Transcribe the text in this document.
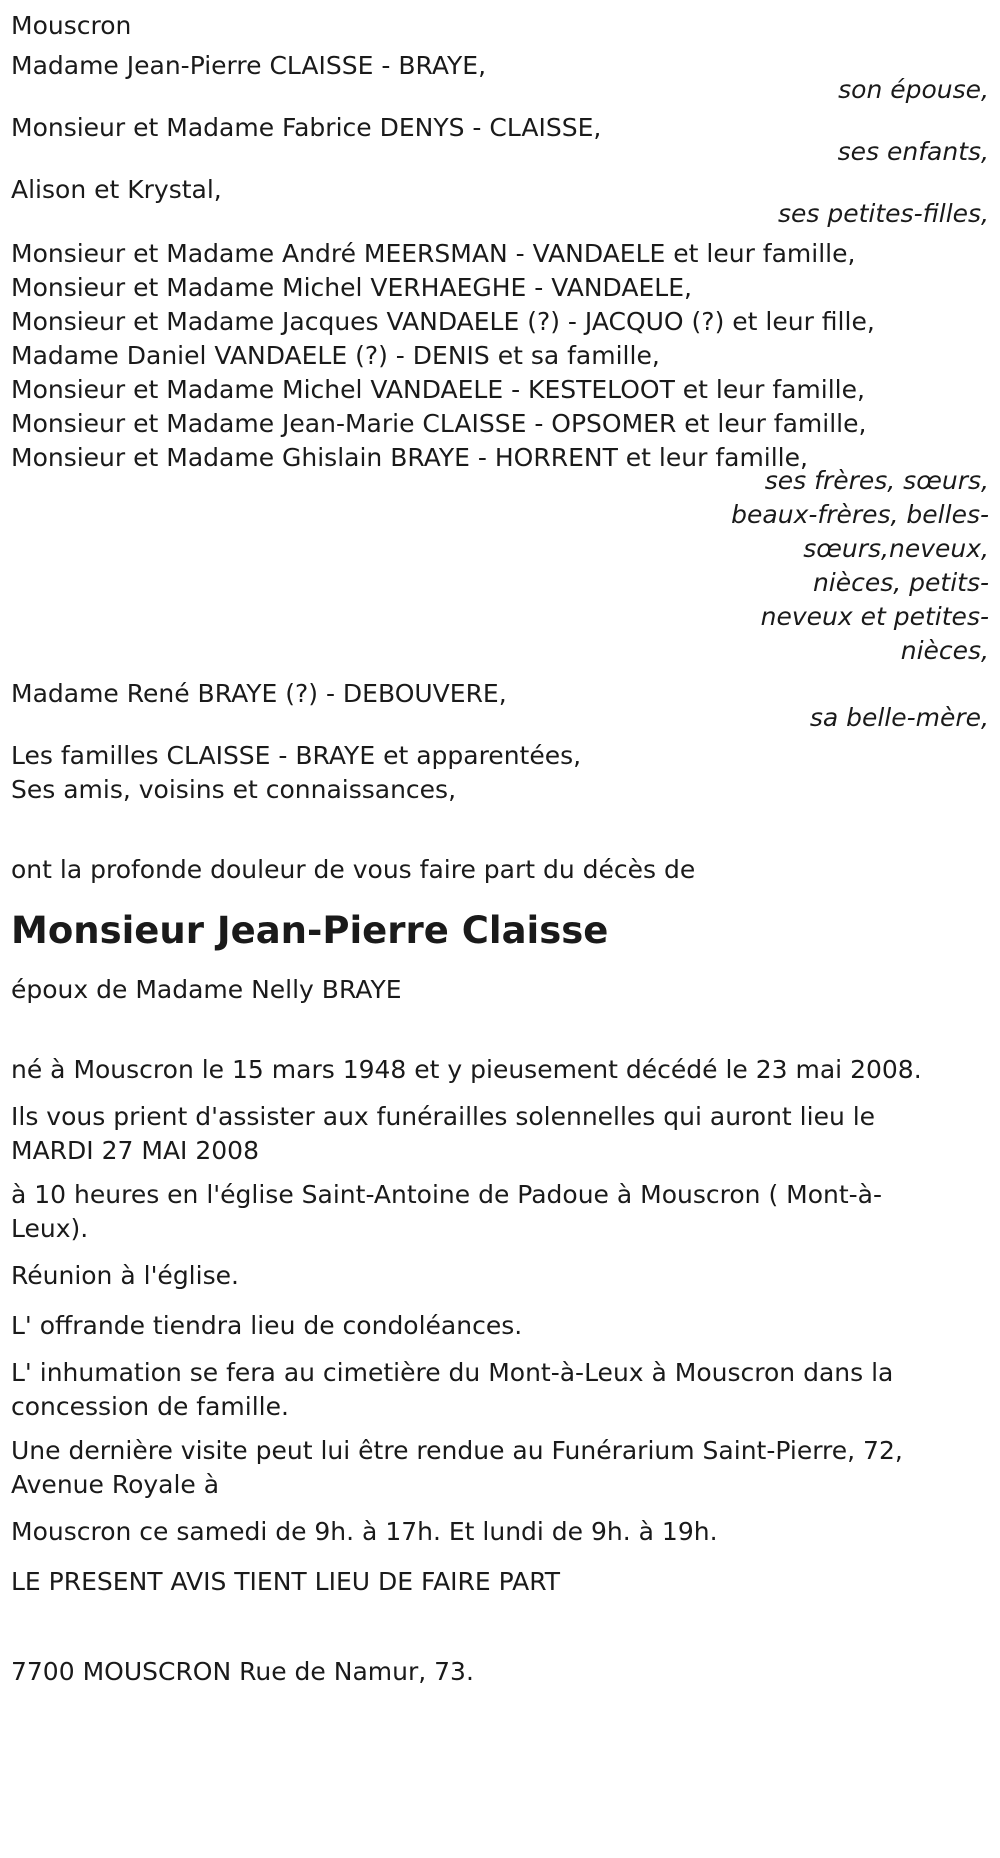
Mouscron
Madame Jean-Pierre CLAISSE - BRAYE,
son épouse,
Monsieur et Madame Fabrice DENYS - CLAISSE,
ses enfants,
Alison et Krystal,
ses petites-filles,
Monsieur et Madame André MEERSMAN - VANDAELE et leur famille,
Monsieur et Madame Michel VERHAEGHE - VANDAELE,
Monsieur et Madame Jacques VANDAELE (?) - JACQUO (?) et leur fille,
Madame Daniel VANDAELE (?) - DENIS et sa famille,
Monsieur et Madame Michel VANDAELE - KESTELOOT et leur famille,
Monsieur et Madame Jean-Marie CLAISSE - OPSOMER et leur famille,
Monsieur et Madame Ghislain BRAYE - HORRENT et leur famille,
ses frères, sœurs,
beaux-frères, belles-
sœurs,neveux,
nièces, petits-
neveux et petites-
nièces,
Madame René BRAYE (?) - DEBOUVERE,
sa belle-mère,
Les familles CLAISSE - BRAYE et apparentées,
Ses amis, voisins et connaissances,
ont la profonde douleur de vous faire part du décès de
Monsieur Jean-Pierre Claisse
époux de Madame Nelly BRAYE
né à Mouscron le 15 mars 1948 et y pieusement décédé le 23 mai 2008.
Ils vous prient d'assister aux funérailles solennelles qui auront lieu le MARDI 27 MAI 2008
à 10 heures en l'église Saint-Antoine de Padoue à Mouscron ( Mont-à-Leux).
Réunion à l'église.
L' offrande tiendra lieu de condoléances.
L' inhumation se fera au cimetière du Mont-à-Leux à Mouscron dans la concession de famille.
Une dernière visite peut lui être rendue au Funérarium Saint-Pierre, 72, Avenue Royale à
Mouscron ce samedi de 9h. à 17h. Et lundi de 9h. à 19h.
LE PRESENT AVIS TIENT LIEU DE FAIRE PART
7700 MOUSCRON Rue de Namur, 73.
